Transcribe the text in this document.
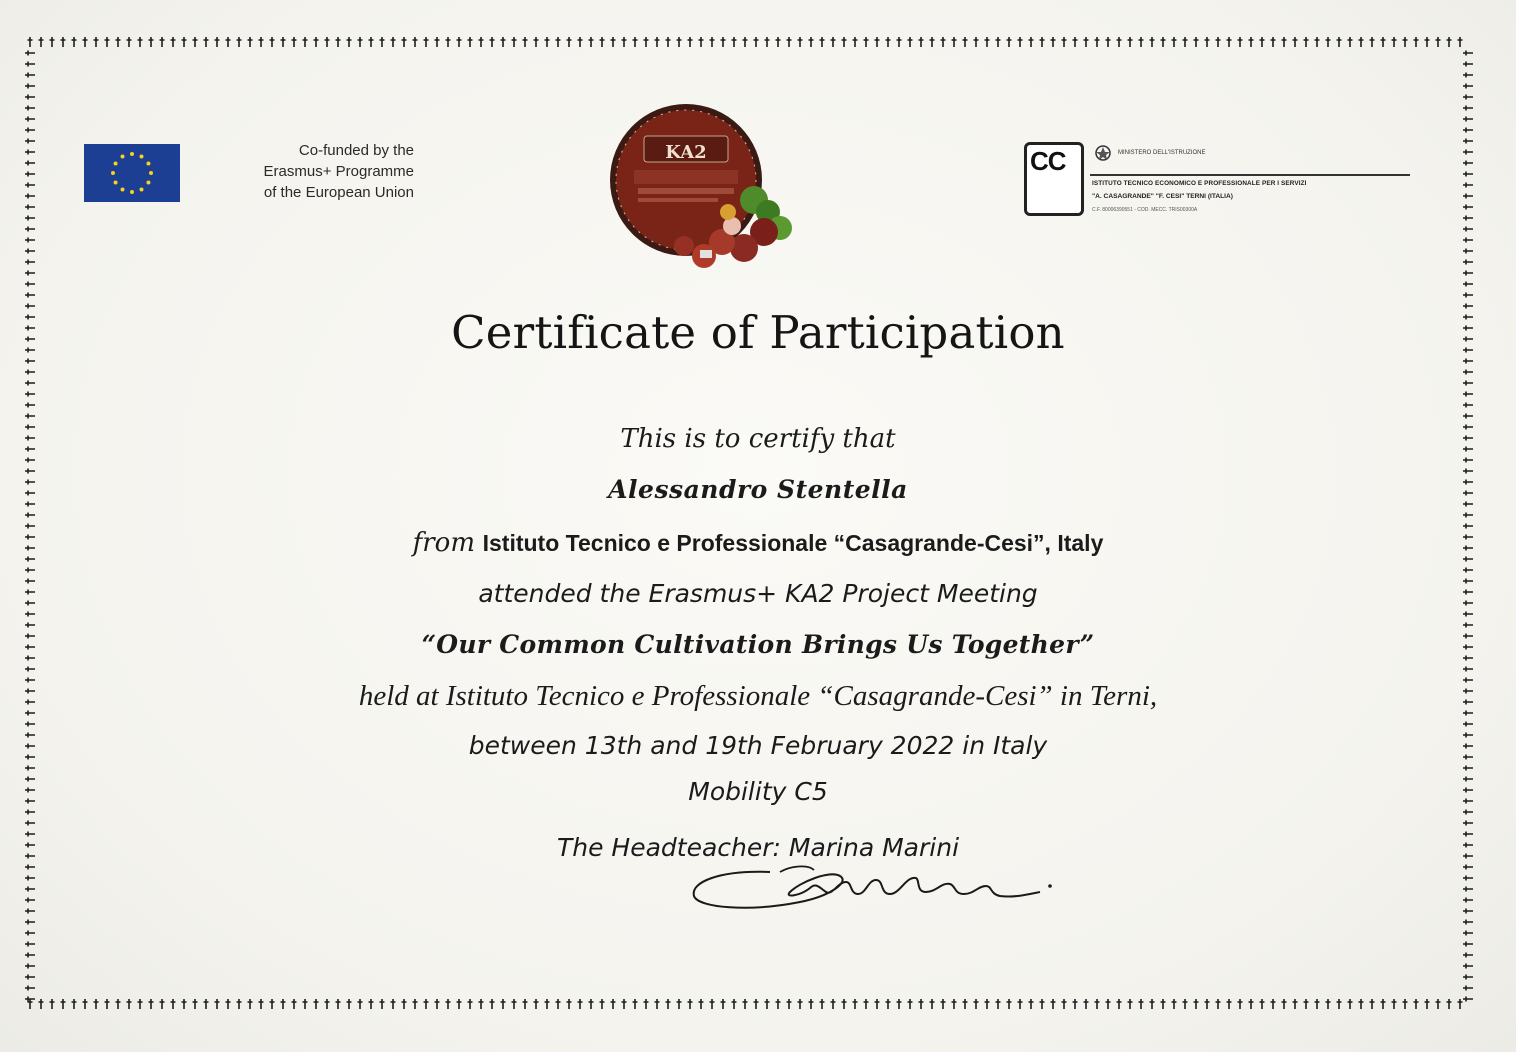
Co-funded by the
Erasmus+ Programme
of the European Union
KA2	CC	MINISTERO DELL'ISTRUZIONE
ISTITUTO TECNICO ECONOMICO E PROFESSIONALE PER I SERVIZI
"A. CASAGRANDE" "F. CESI" TERNI (ITALIA)
C.F. 80006390551 - COD. MECC. TRIS00300A
Certificate of Participation
This is to certify that
Alessandro Stentella
from Istituto Tecnico e Professionale “Casagrande-Cesi”, Italy
attended the Erasmus+ KA2 Project Meeting
“Our Common Cultivation Brings Us Together”
held at Istituto Tecnico e Professionale “Casagrande-Cesi” in Terni,
between 13th and 19th February 2022 in Italy
Mobility C5
The Headteacher: Marina Marini
